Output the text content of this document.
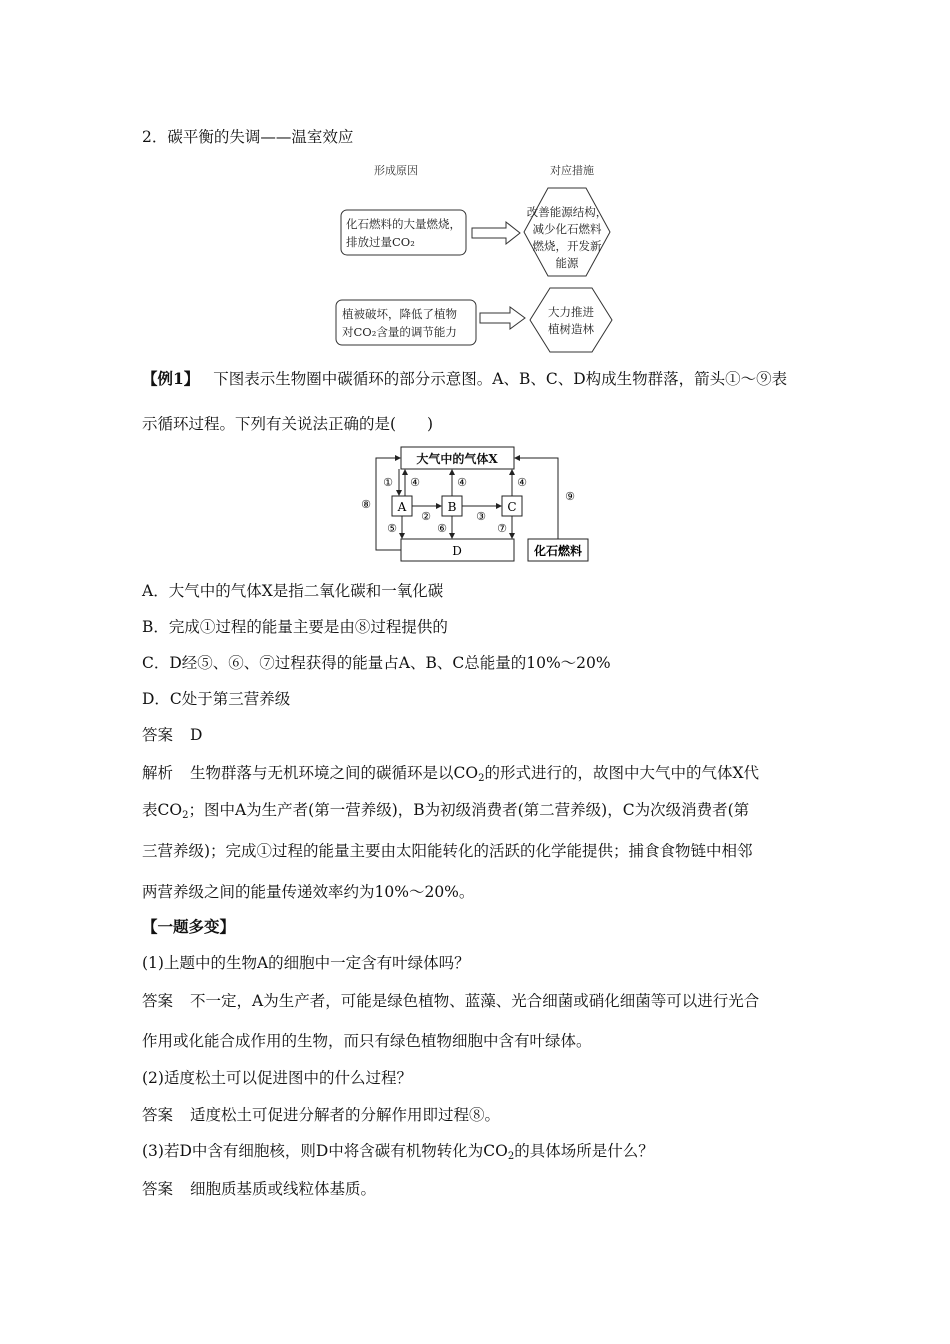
2．碳平衡的失调——温室效应
形成原因	对应措施
化石燃料的大量燃烧，
排放过量CO₂
改善能源结构，
减少化石燃料
燃烧，开发新
能源
植被破坏，降低了植物
对CO₂含量的调节能力
大力推进
植树造林
【例1】 下图表示生物圈中碳循环的部分示意图。A、B、C、D构成生物群落，箭头①～⑨表
示循环过程。下列有关说法正确的是(　　)
大气中的气体X
A	B	C
D	化石燃料
① ④	④	④
②	③
⑤	⑥	⑦
⑧
⑨
A．大气中的气体X是指二氧化碳和一氧化碳
B．完成①过程的能量主要是由⑧过程提供的
C．D经⑤、⑥、⑦过程获得的能量占A、B、C总能量的10%～20%
D．C处于第三营养级
答案 D
解析 生物群落与无机环境之间的碳循环是以$CO_2$的形式进行的，故图中大气中的气体X代
表$CO_2$；图中A为生产者(第一营养级)，B为初级消费者(第二营养级)，C为次级消费者(第
三营养级)；完成①过程的能量主要由太阳能转化的活跃的化学能提供；捕食食物链中相邻
两营养级之间的能量传递效率约为10%～20%。
【一题多变】
(1)上题中的生物A的细胞中一定含有叶绿体吗？
答案 不一定，A为生产者，可能是绿色植物、蓝藻、光合细菌或硝化细菌等可以进行光合
作用或化能合成作用的生物，而只有绿色植物细胞中含有叶绿体。
(2)适度松土可以促进图中的什么过程？
答案 适度松土可促进分解者的分解作用即过程⑧。
(3)若D中含有细胞核，则D中将含碳有机物转化为$CO_2$的具体场所是什么？
答案 细胞质基质或线粒体基质。
